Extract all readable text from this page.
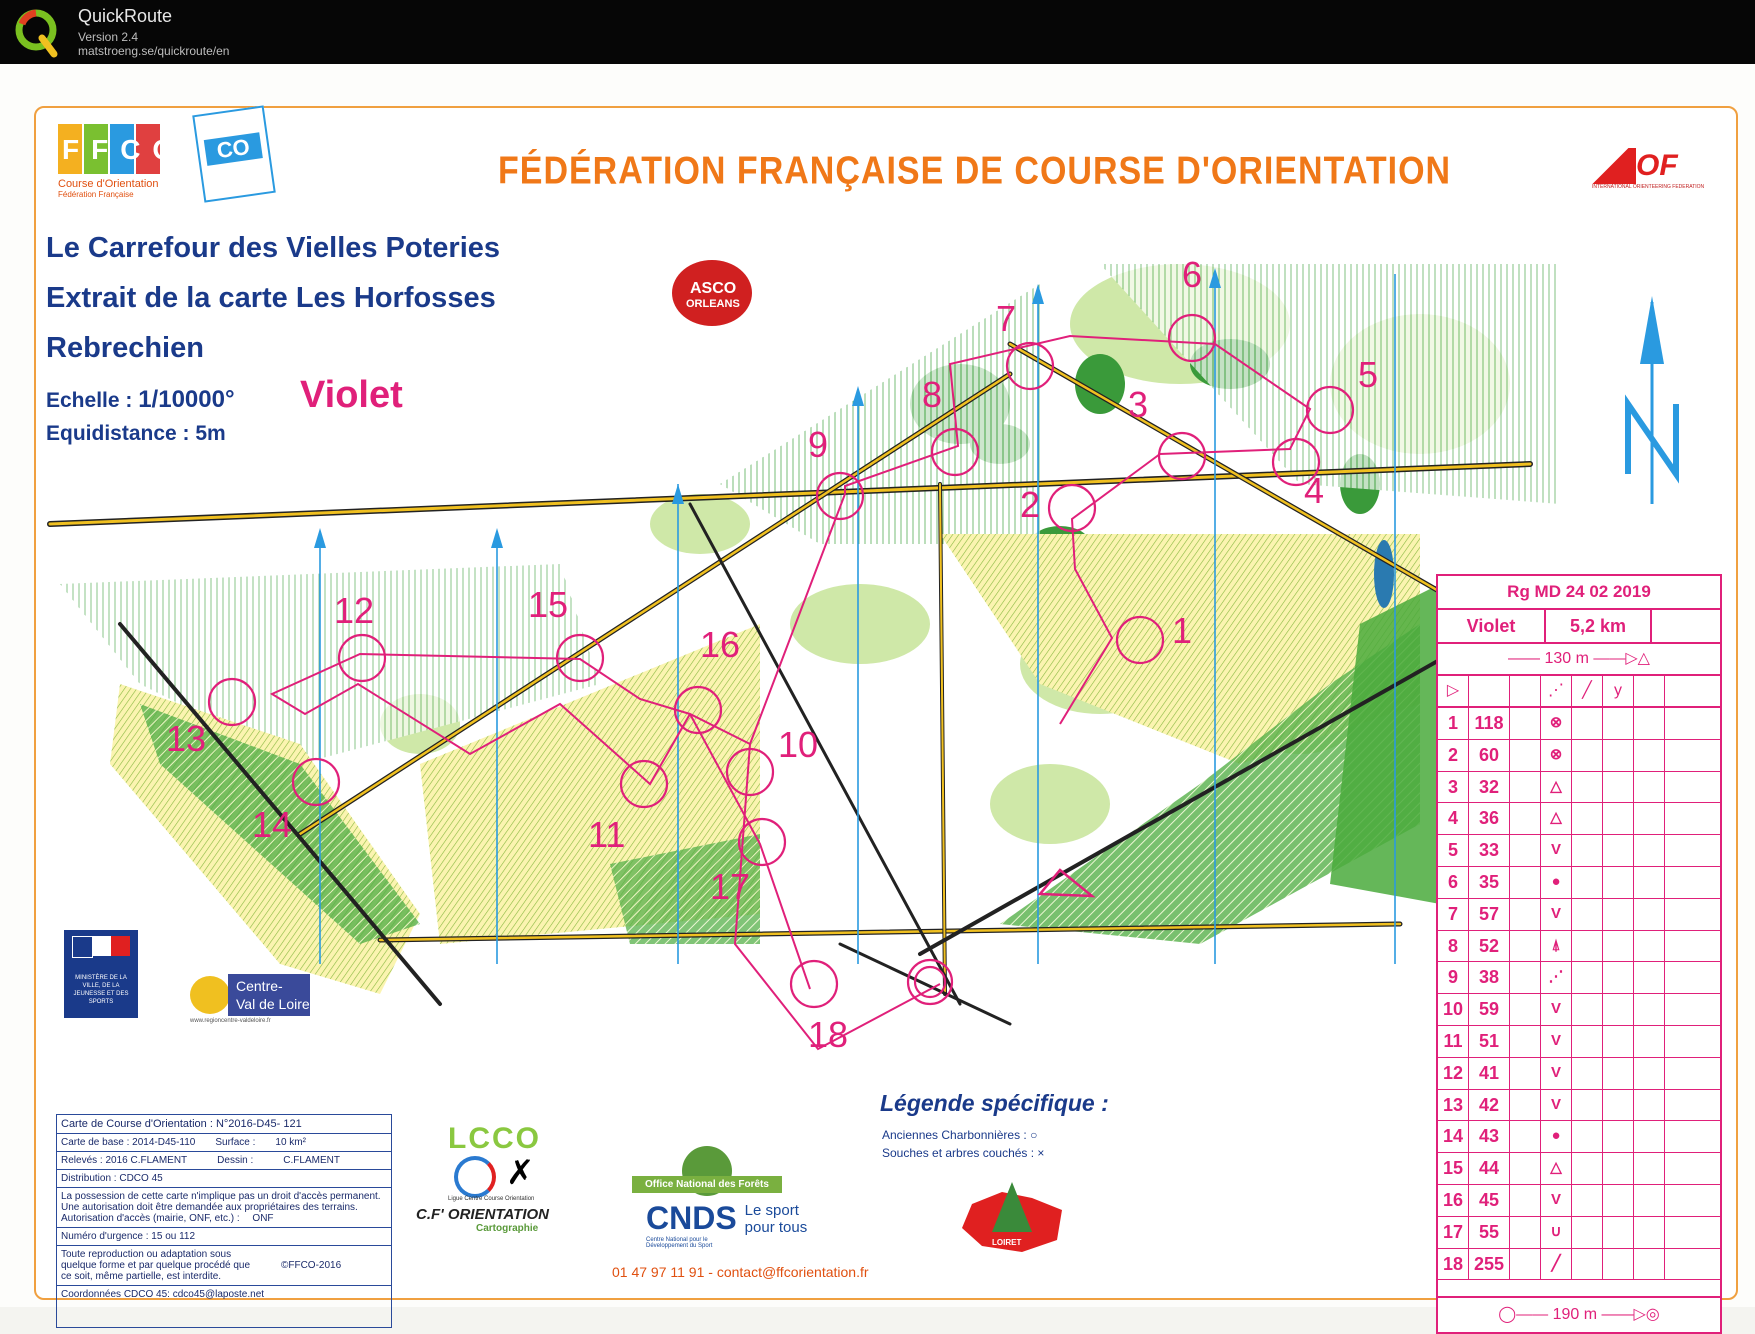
QuickRoute
Version 2.4
matstroeng.se/quickroute/en
1
2
3
4
5
6
7
8
9
10
11
12
13
14
15
16
17
18
FFCO
Course d'Orientation
Fédération Française
CO
FÉDÉRATION FRANÇAISE DE COURSE D'ORIENTATION	OF
INTERNATIONAL ORIENTEERING FEDERATION
Le Carrefour des Vielles Poteries
Extrait de la carte Les Horfosses
Rebrechien
Echelle : 1/10000°
Equidistance : 5m
Violet
ASCO
ORLEANS
MINISTÈRE DE LA VILLE, DE LA JEUNESSE ET DES SPORTS
Centre-
Val de Loire
www.regioncentre-valdeloire.fr
Carte de Course d'Orientation : N°2016-D45- 121
Carte de base : 2014-D45-110 Surface : 10 km²
Relevés : 2016 C.FLAMENT	Dessin :	C.FLAMENT
Distribution : CDCO 45
La possession de cette carte n'implique pas un droit d'accès permanent. Une autorisation doit être demandée aux propriétaires des terrains. Autorisation d'accès (mairie, ONF, etc.) : ONF
Numéro d'urgence : 15 ou 112
Toute reproduction ou adaptation sous quelque forme et par quelque procédé que ce soit, même partielle, est interdite.
©FFCO-2016
Coordonnées CDCO 45: cdco45@laposte.net
LCCO
✗
Ligue Centre Course Orientation
Office National des Forêts
Légende spécifique :
Anciennes Charbonnières : ○
Souches et arbres couchés : ×
C.F' ORIENTATION
Cartographie	CNDS Le sport
pour tous
Centre National pour le Développement du Sport	LOIRET
01 47 97 11 91 - contact@ffcorientation.fr
Rg MD 24 02 2019
Violet	5,2 km
—— 130 m ——▷△
▷	⋰	╱	y
1 118	⊗
2	60	⊗
3	32	△
4	36	△
5	33	V
6	35	●
7	57	V
8	52	⍋
9	38	⋰
10 59	V
11 51	V
12 41	V
13 42	V
14 43	●
15 44	△
16 45	V
17 55	∪
18 255	╱
◯—— 190 m ——▷◎
